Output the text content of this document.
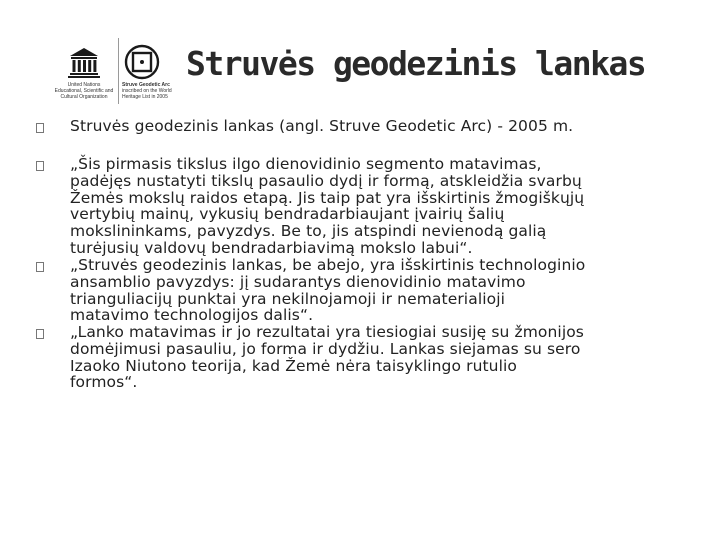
United Nations
Educational, Scientific and
Cultural Organization
Struve Geodetic Arc
inscribed on the World
Heritage List in 2005
Struvės geodezinis lankas

Struvės geodezinis lankas (angl. Struve Geodetic Arc) - 2005 m.

„Šis pirmasis tikslus ilgo dienovidinio segmento matavimas,
padėjęs nustatyti tikslų pasaulio dydį ir formą, atskleidžia svarbų
Žemės mokslų raidos etapą. Jis taip pat yra išskirtinis žmogiškųjų
vertybių mainų, vykusių bendradarbiaujant įvairių šalių
mokslininkams, pavyzdys. Be to, jis atspindi nevienodą galią
turėjusių valdovų bendradarbiavimą mokslo labui“.

„Struvės geodezinis lankas, be abejo, yra išskirtinis technologinio
ansamblio pavyzdys: jį sudarantys dienovidinio matavimo
trianguliacijų punktai yra nekilnojamoji ir nematerialioji
matavimo technologijos dalis“.

„Lanko matavimas ir jo rezultatai yra tiesiogiai susiję su žmonijos
domėjimusi pasauliu, jo forma ir dydžiu. Lankas siejamas su sero
Izaoko Niutono teorija, kad Žemė nėra taisyklingo rutulio
formos“.
